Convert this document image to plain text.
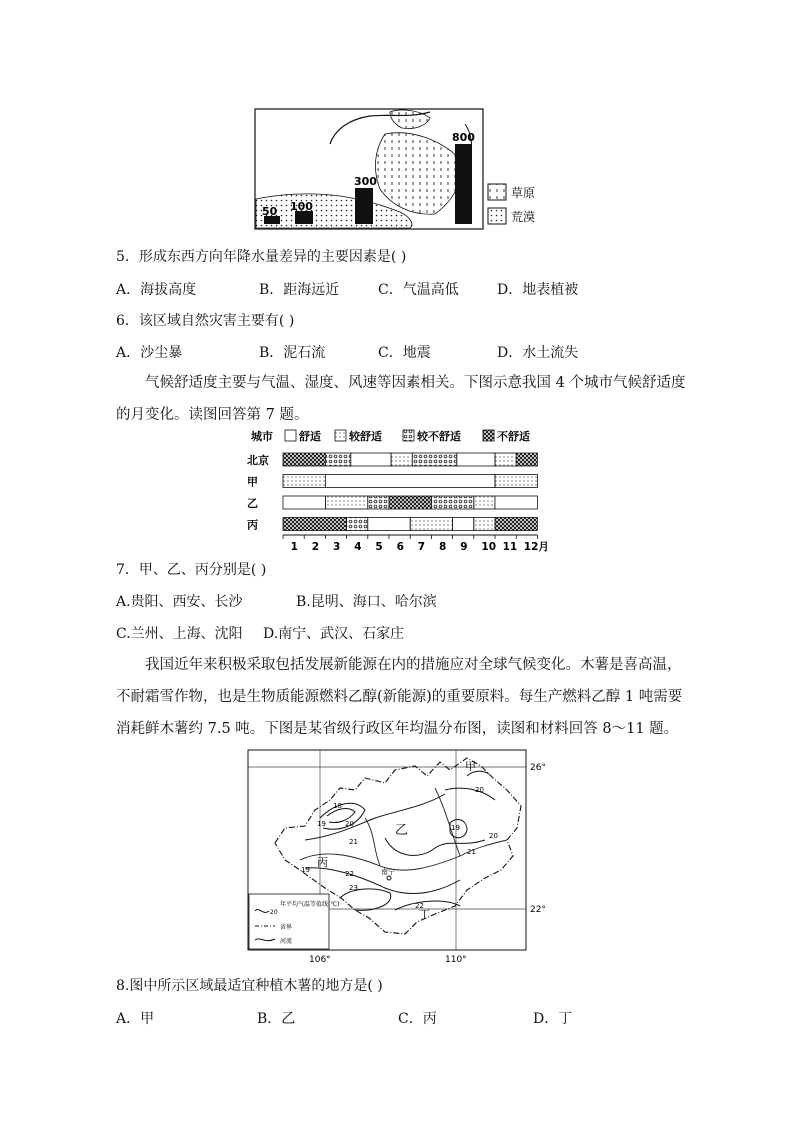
50 100
300
800
草原
荒漠
5．形成东西方向年降水量差异的主要因素是( )
A．海拔高度	B．距海远近	C．气温高低	D．地表植被
6．该区域自然灾害主要有( )
A．沙尘暴	B．泥石流	C．地震	D．水土流失
气候舒适度主要与气温、湿度、风速等因素相关。下图示意我国 4 个城市气候舒适度的月变化。读图回答第 7 题。
城市 舒适	较舒适	较不舒适	不舒适
北京
甲
乙
丙
1 2 3 4 5 6 7 8 9 10 11 12月
7．甲、乙、丙分别是( )
A.贵阳、西安、长沙	B.昆明、海口、哈尔滨
C.兰州、上海、沈阳 D.南宁、武汉、石家庄
我国近年来积极采取包括发展新能源在内的措施应对全球气候变化。木薯是喜高温，不耐霜雪作物，也是生物质能源燃料乙醇(新能源)的重要原料。每生产燃料乙醇 1 吨需要消耗鲜木薯约 7.5 吨。下图是某省级行政区年均温分布图，读图和材料回答 8～11 题。
18
19	20
21
22
19
20
21
22
23
19
20
甲
乙
丙
丁
南宁
26°
22°
106°	110°
20
年平均气温等值线(℃)
省界
河流
8.图中所示区域最适宜种植木薯的地方是( )
A．甲	B．乙	C．丙	D．丁
